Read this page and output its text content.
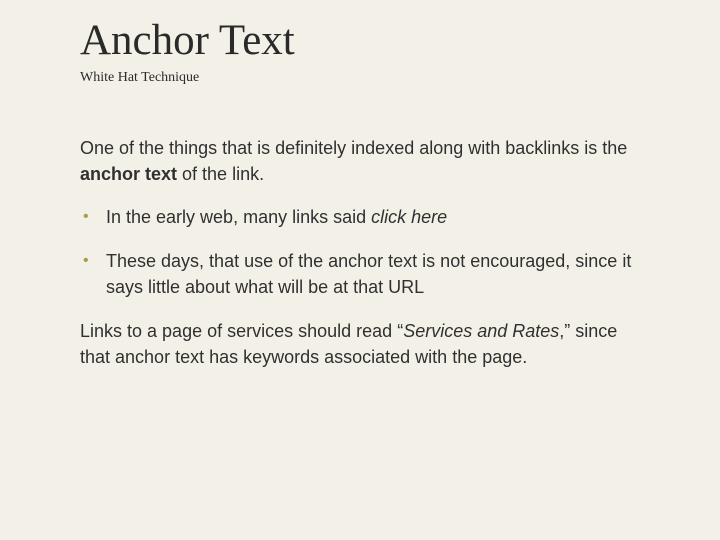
Anchor Text

White Hat Technique

One of the things that is definitely indexed along with backlinks is the anchor text of the link.

• In the early web, many links said click here
• These days, that use of the anchor text is not encouraged, since it says little about what will be at that URL

Links to a page of services should read “Services and Rates,” since that anchor text has keywords associated with the page.
